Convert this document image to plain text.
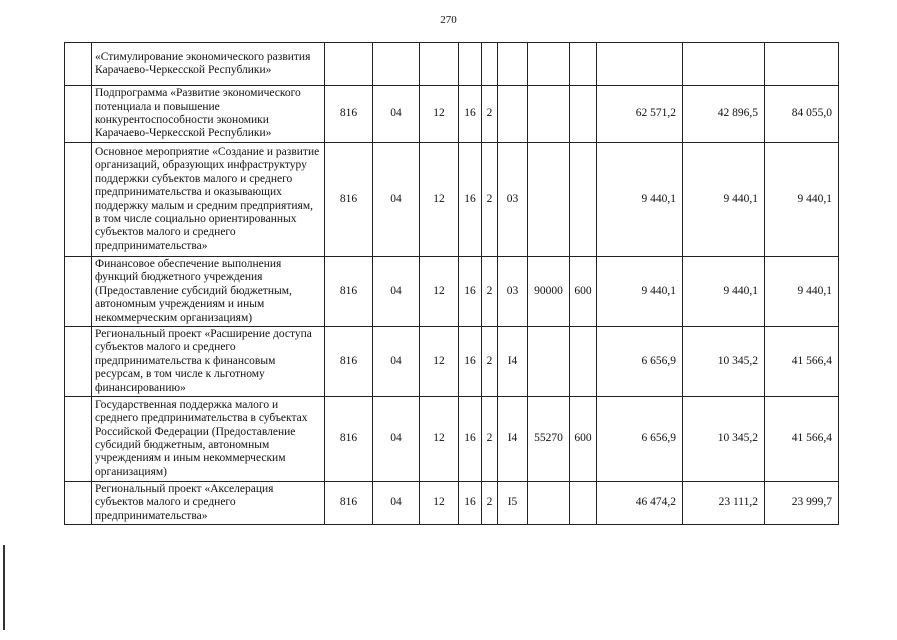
270
	«Стимулирование экономического развития Карачаево-Черкесской Республики»											
	Подпрограмма «Развитие экономического потенциала и повышение конкурентоспособности экономики Карачаево-Черкесской Республики»	816	04	12	16	2				62 571,2	42 896,5	84 055,0
	Основное мероприятие «Создание и развитие организаций, образующих инфраструктуру поддержки субъектов малого и среднего предпринимательства и оказывающих поддержку малым и средним предприятиям, в том числе социально ориентированных субъектов малого и среднего предпринимательства»	816	04	12	16	2	03			9 440,1	9 440,1	9 440,1
	Финансовое обеспечение выполнения функций бюджетного учреждения (Предоставление субсидий бюджетным, автономным учреждениям и иным некоммерческим организациям)	816	04	12	16	2	03	90000	600	9 440,1	9 440,1	9 440,1
	Региональный проект «Расширение доступа субъектов малого и среднего предпринимательства к финансовым ресурсам, в том числе к льготному финансированию»	816	04	12	16	2	I4			6 656,9	10 345,2	41 566,4
	Государственная поддержка малого и среднего предпринимательства в субъектах Российской Федерации (Предоставление субсидий бюджетным, автономным учреждениям и иным некоммерческим организациям)	816	04	12	16	2	I4	55270	600	6 656,9	10 345,2	41 566,4
	Региональный проект «Акселерация субъектов малого и среднего предпринимательства»	816	04	12	16	2	I5			46 474,2	23 111,2	23 999,7
